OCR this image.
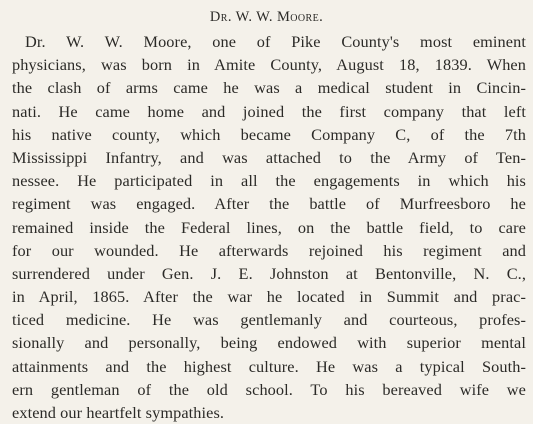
Dr. W. W. Moore.
Dr. W. W. Moore, one of Pike County's most eminent
physicians, was born in Amite County, August 18, 1839. When
the clash of arms came he was a medical student in Cincin-
nati. He came home and joined the first company that left
his native county, which became Company C, of the 7th
Mississippi Infantry, and was attached to the Army of Ten-
nessee. He participated in all the engagements in which his
regiment was engaged. After the battle of Murfreesboro he
remained inside the Federal lines, on the battle field, to care
for our wounded. He afterwards rejoined his regiment and
surrendered under Gen. J. E. Johnston at Bentonville, N. C.,
in April, 1865. After the war he located in Summit and prac-
ticed medicine. He was gentlemanly and courteous, profes-
sionally and personally, being endowed with superior mental
attainments and the highest culture. He was a typical South-
ern gentleman of the old school. To his bereaved wife we
extend our heartfelt sympathies.
